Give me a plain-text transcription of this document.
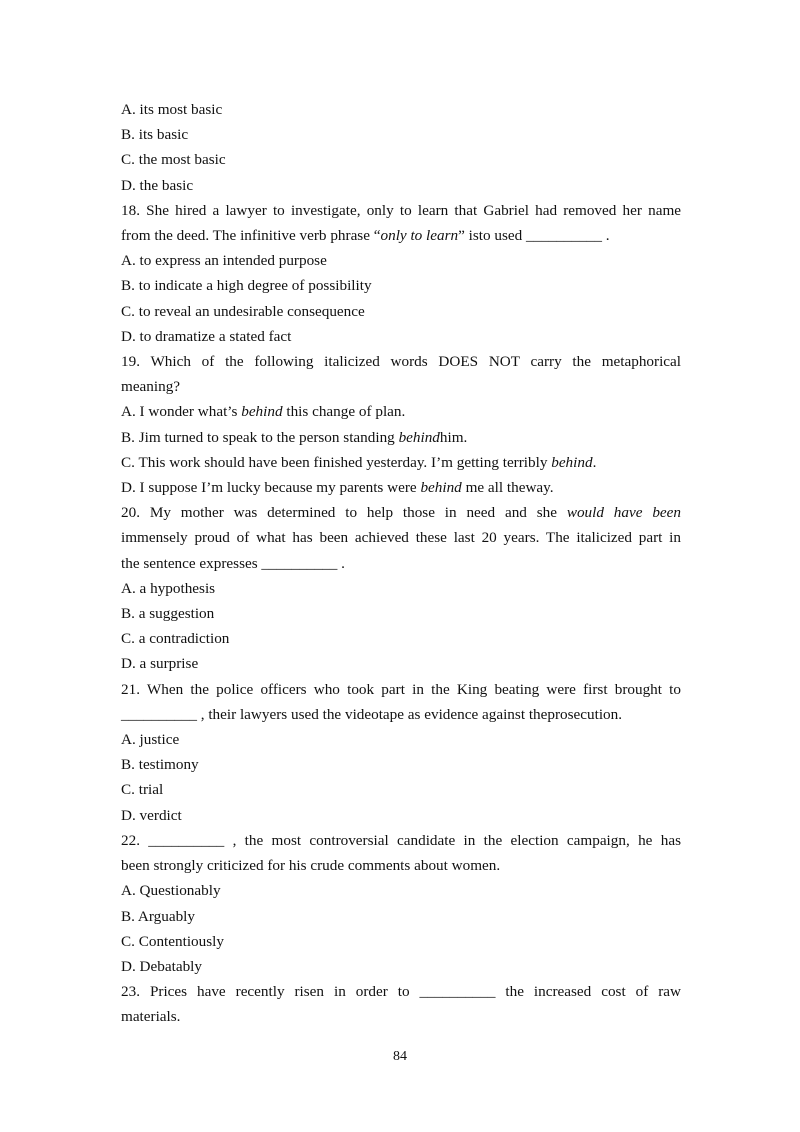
A. its most basic
B. its basic
C. the most basic
D. the basic
18. She hired a lawyer to investigate, only to learn that Gabriel had removed her name
from the deed. The infinitive verb phrase “only to learn” isto used __________ .
A. to express an intended purpose
B. to indicate a high degree of possibility
C. to reveal an undesirable consequence
D. to dramatize a stated fact
19. Which of the following italicized words DOES NOT carry the metaphorical
meaning?
A. I wonder what’s behind this change of plan.
B. Jim turned to speak to the person standing behindhim.
C. This work should have been finished yesterday. I’m getting terribly behind.
D. I suppose I’m lucky because my parents were behind me all theway.
20. My mother was determined to help those in need and she would have been
immensely proud of what has been achieved these last 20 years. The italicized part in
the sentence expresses __________ .
A. a hypothesis
B. a suggestion
C. a contradiction
D. a surprise
21. When the police officers who took part in the King beating were first brought to
__________ , their lawyers used the videotape as evidence against theprosecution.
A. justice
B. testimony
C. trial
D. verdict
22. __________ , the most controversial candidate in the election campaign, he has
been strongly criticized for his crude comments about women.
A. Questionably
B. Arguably
C. Contentiously
D. Debatably
23. Prices have recently risen in order to __________ the increased cost of raw
materials.
84
